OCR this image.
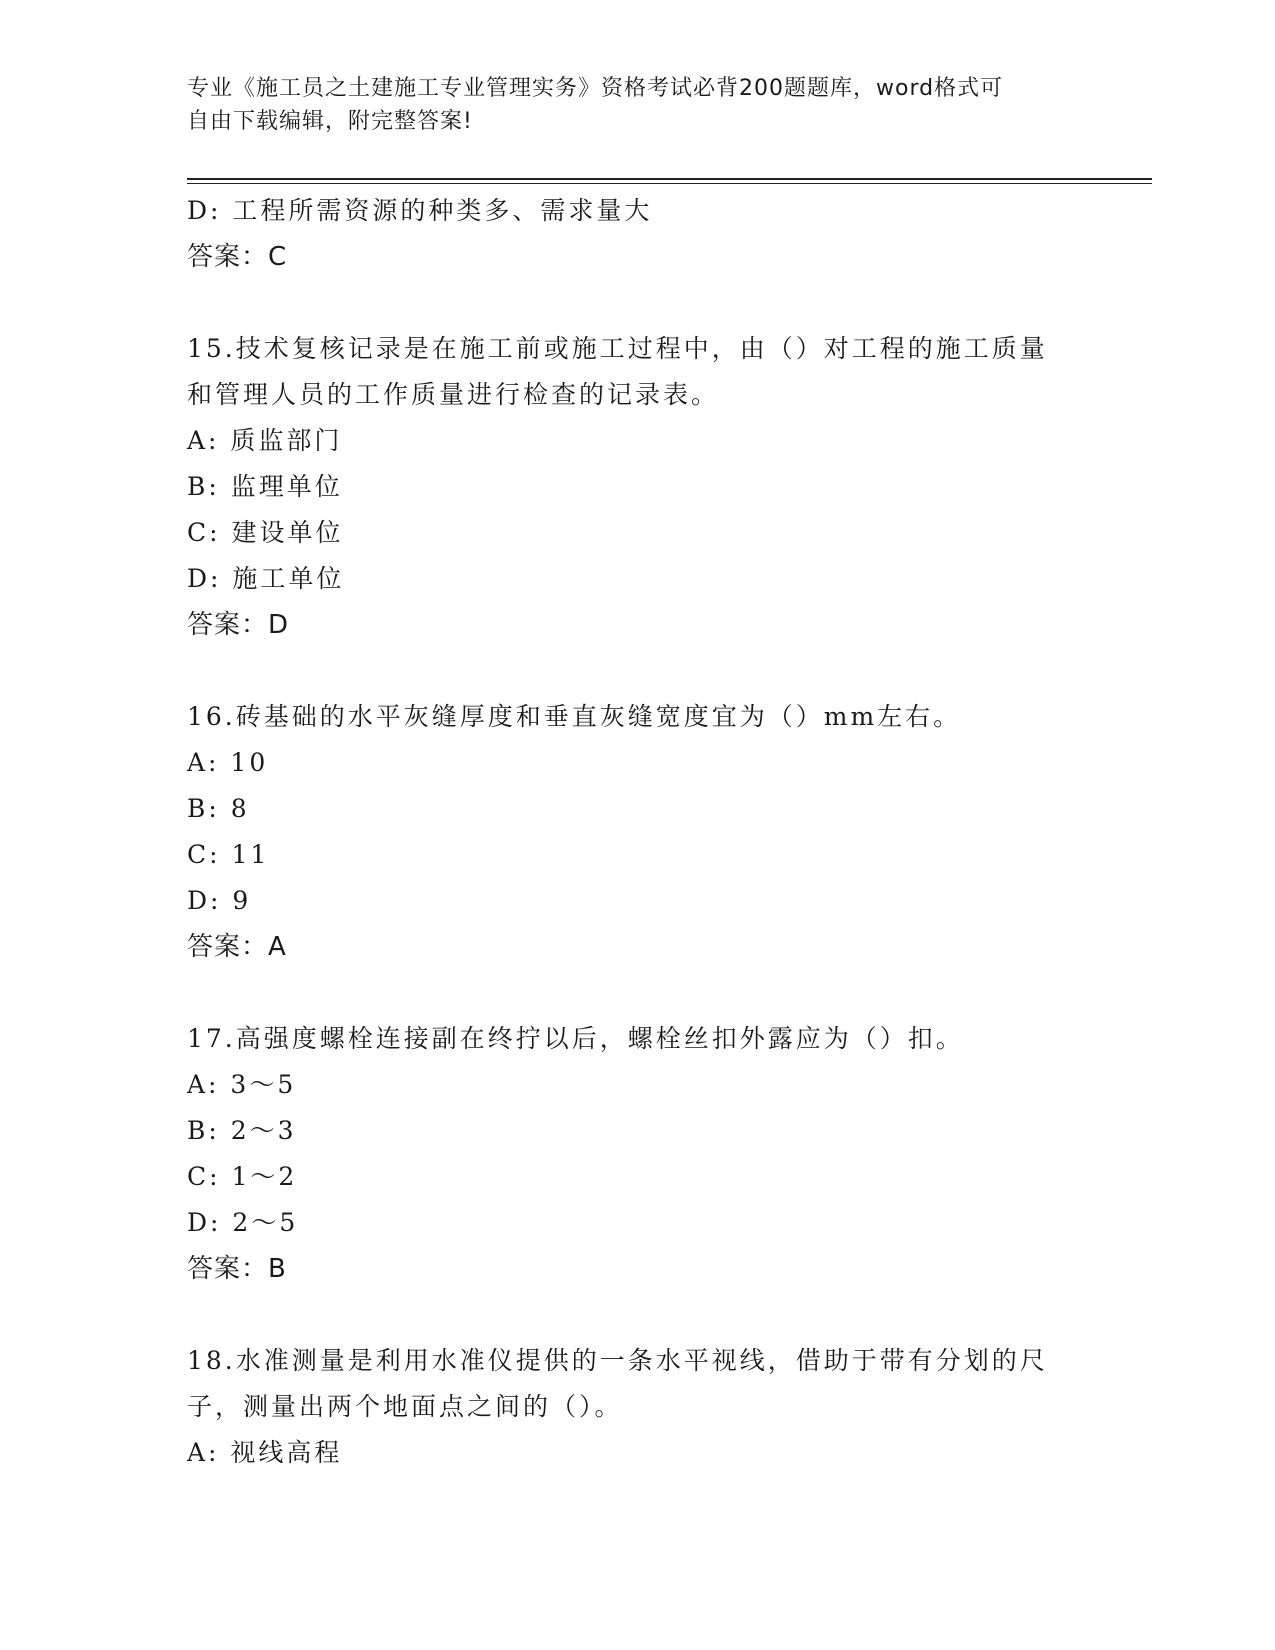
专业《施工员之土建施工专业管理实务》资格考试必背200题题库，word格式可
自由下载编辑，附完整答案!
D: 工程所需资源的种类多、需求量大
答案：C
15.技术复核记录是在施工前或施工过程中，由（）对工程的施工质量
和管理人员的工作质量进行检查的记录表。
A: 质监部门
B: 监理单位
C: 建设单位
D: 施工单位
答案：D
16.砖基础的水平灰缝厚度和垂直灰缝宽度宜为（）mm左右。
A: 10
B: 8
C: 11
D: 9
答案：A
17.高强度螺栓连接副在终拧以后，螺栓丝扣外露应为（）扣。
A: 3～5
B: 2～3
C: 1～2
D: 2～5
答案：B
18.水准测量是利用水准仪提供的一条水平视线，借助于带有分划的尺
子，测量出两个地面点之间的（）。
A: 视线高程
